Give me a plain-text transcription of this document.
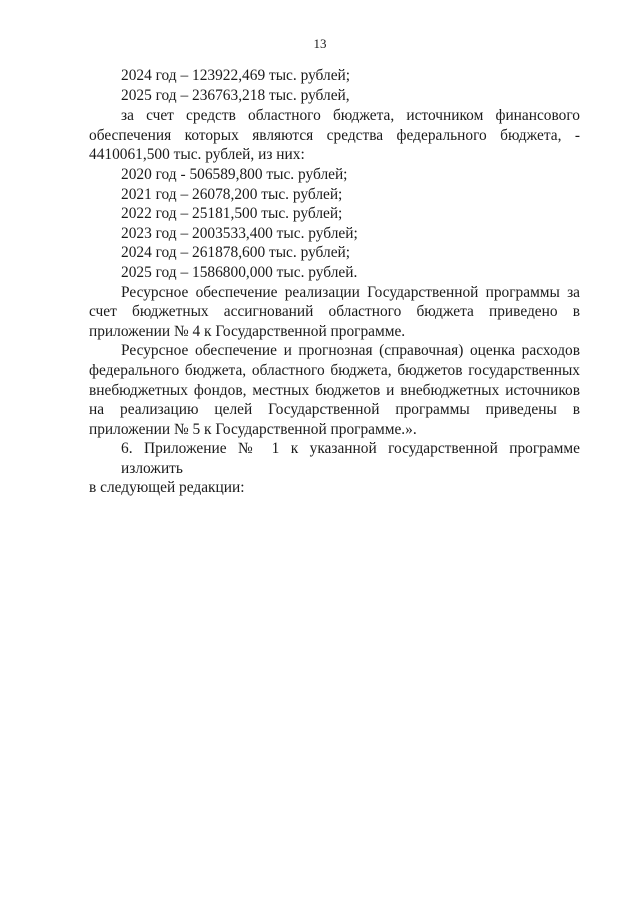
13

2024 год – 123922,469 тыс. рублей;

2025 год – 236763,218 тыс. рублей,

за счет средств областного бюджета, источником финансового
обеспечения которых являются средства федерального бюджета, -
4410061,500 тыс. рублей, из них:

2020 год - 506589,800 тыс. рублей;

2021 год – 26078,200 тыс. рублей;

2022 год – 25181,500 тыс. рублей;

2023 год – 2003533,400 тыс. рублей;

2024 год – 261878,600 тыс. рублей;

2025 год – 1586800,000 тыс. рублей.

Ресурсное обеспечение реализации Государственной программы за
счет бюджетных ассигнований областного бюджета приведено в
приложении № 4 к Государственной программе.
Ресурсное обеспечение и прогнозная (справочная) оценка расходов
федерального бюджета, областного бюджета, бюджетов государственных
внебюджетных фондов, местных бюджетов и внебюджетных источников
на реализацию целей Государственной программы приведены в
приложении № 5 к Государственной программе.».
6. Приложение № 1 к указанной государственной программе изложить
в следующей редакции:
